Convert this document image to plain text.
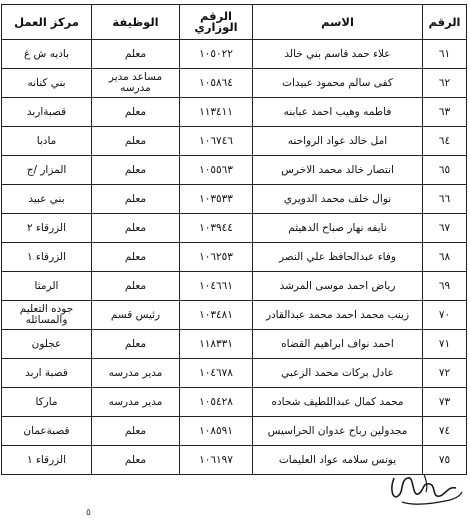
الرقم	الاسم	الرقم الوزاري	الوظيفة	مركز العمل
٦١	علاء حمد قاسم بني خالد	١٠٥٠٢٢	معلم	باديه ش غ
٦٢	كفى سالم محمود عبيدات	١٠٥٨٦٤	مساعد مدير مدرسه	بني كنانه
٦٣	فاطمه وهيب احمد عبابنه	١١٣٤١١	معلم	قصبةاربد
٦٤	امل خالد عواد الرواحنه	١٠٦٧٤٦	معلم	مادبا
٦٥	انتصار خالد محمد الاخرس	١٠٥٥٦٣	معلم	المزار /ج
٦٦	نوال خلف محمد الدويري	١٠٣٥٣٣	معلم	بني عبيد
٦٧	نايفه نهار صباح الدهيثم	١٠٣٩٤٤	معلم	الزرقاء ٢
٦٨	وفاء عبدالحافظ علي النصر	١٠٦٢٥٣	معلم	الزرقاء ١
٦٩	رياض احمد موسى المرشد	١٠٤٦٦١	معلم	الرمثا
٧٠	زينب محمد احمد محمد عبدالقادر	١٠٣٤٨١	رئيس قسم	جوده التعليم والمسائله
٧١	احمد نواف ابراهيم القضاه	١١٨٣٣١	معلم	عجلون
٧٢	عادل بركات محمد الزعبي	١٠٤٦٧٨	مدير مدرسه	قصبة اربد
٧٣	محمد كمال عبداللطيف شحاده	١٠٥٤٢٨	مدير مدرسه	ماركا
٧٤	مجدولين رباح عدوان الحراسيس	١٠٨٥٩١	معلم	قصبةعمان
٧٥	يونس سلامه عواد العليمات	١٠٦١٩٧	معلم	الزرقاء ١
٥
